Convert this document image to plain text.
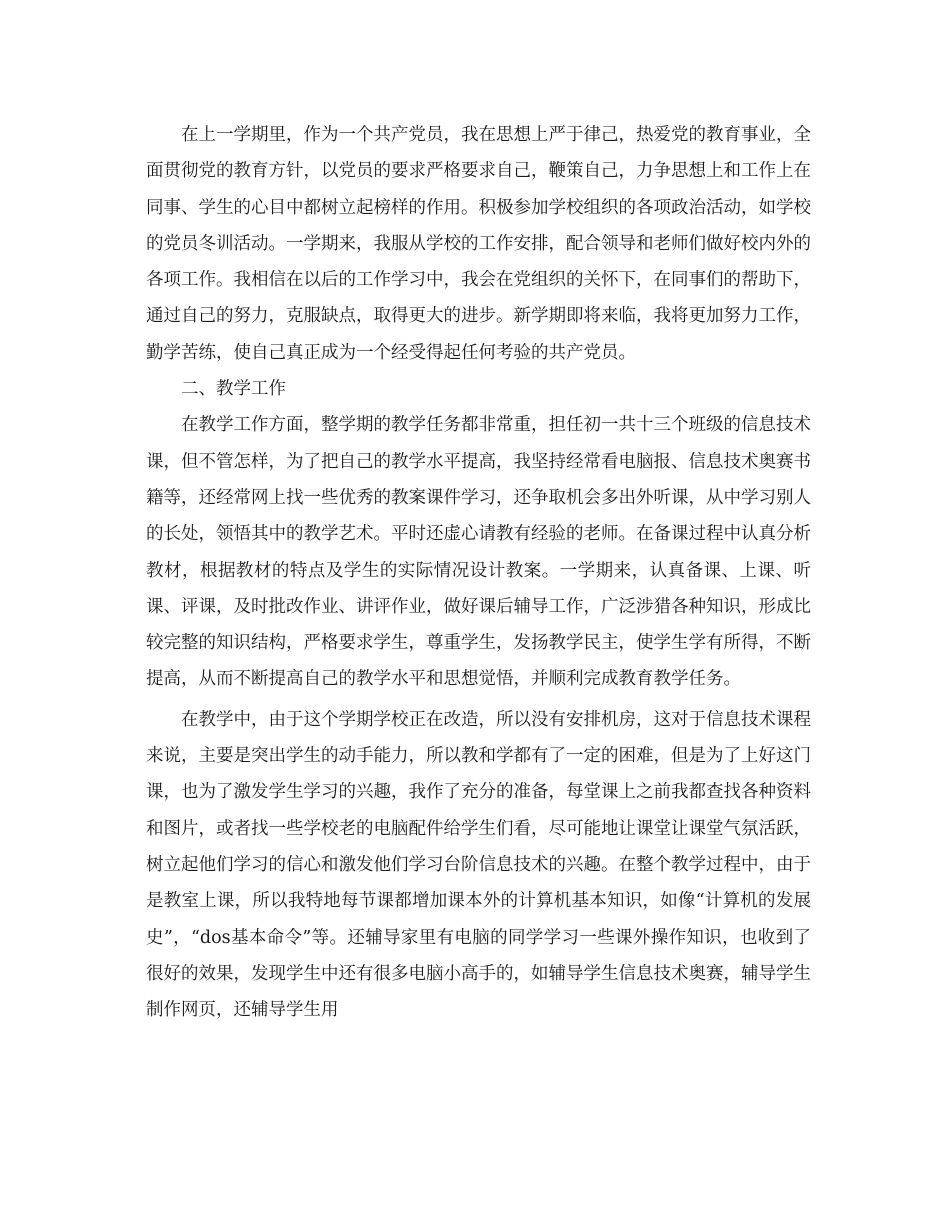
在上一学期里，作为一个共产党员，我在思想上严于律己，热爱党的教育事业，全面贯彻党的教育方针，以党员的要求严格要求自己，鞭策自己，力争思想上和工作上在同事、学生的心目中都树立起榜样的作用。积极参加学校组织的各项政治活动，如学校的党员冬训活动。一学期来，我服从学校的工作安排，配合领导和老师们做好校内外的各项工作。我相信在以后的工作学习中，我会在党组织的关怀下，在同事们的帮助下，通过自己的努力，克服缺点，取得更大的进步。新学期即将来临，我将更加努力工作，勤学苦练，使自己真正成为一个经受得起任何考验的共产党员。

二、教学工作

在教学工作方面，整学期的教学任务都非常重，担任初一共十三个班级的信息技术课，但不管怎样，为了把自己的教学水平提高，我坚持经常看电脑报、信息技术奥赛书籍等，还经常网上找一些优秀的教案课件学习，还争取机会多出外听课，从中学习别人的长处，领悟其中的教学艺术。平时还虚心请教有经验的老师。在备课过程中认真分析教材，根据教材的特点及学生的实际情况设计教案。一学期来，认真备课、上课、听课、评课，及时批改作业、讲评作业，做好课后辅导工作，广泛涉猎各种知识，形成比较完整的知识结构，严格要求学生，尊重学生，发扬教学民主，使学生学有所得，不断提高，从而不断提高自己的教学水平和思想觉悟，并顺利完成教育教学任务。

在教学中，由于这个学期学校正在改造，所以没有安排机房，这对于信息技术课程来说，主要是突出学生的动手能力，所以教和学都有了一定的困难，但是为了上好这门课，也为了激发学生学习的兴趣，我作了充分的准备，每堂课上之前我都查找各种资料和图片，或者找一些学校老的电脑配件给学生们看，尽可能地让课堂让课堂气氛活跃，树立起他们学习的信心和激发他们学习台阶信息技术的兴趣。在整个教学过程中，由于是教室上课，所以我特地每节课都增加课本外的计算机基本知识，如像“计算机的发展史”，“dos基本命令”等。还辅导家里有电脑的同学学习一些课外操作知识，也收到了很好的效果，发现学生中还有很多电脑小高手的，如辅导学生信息技术奥赛，辅导学生制作网页，还辅导学生用
